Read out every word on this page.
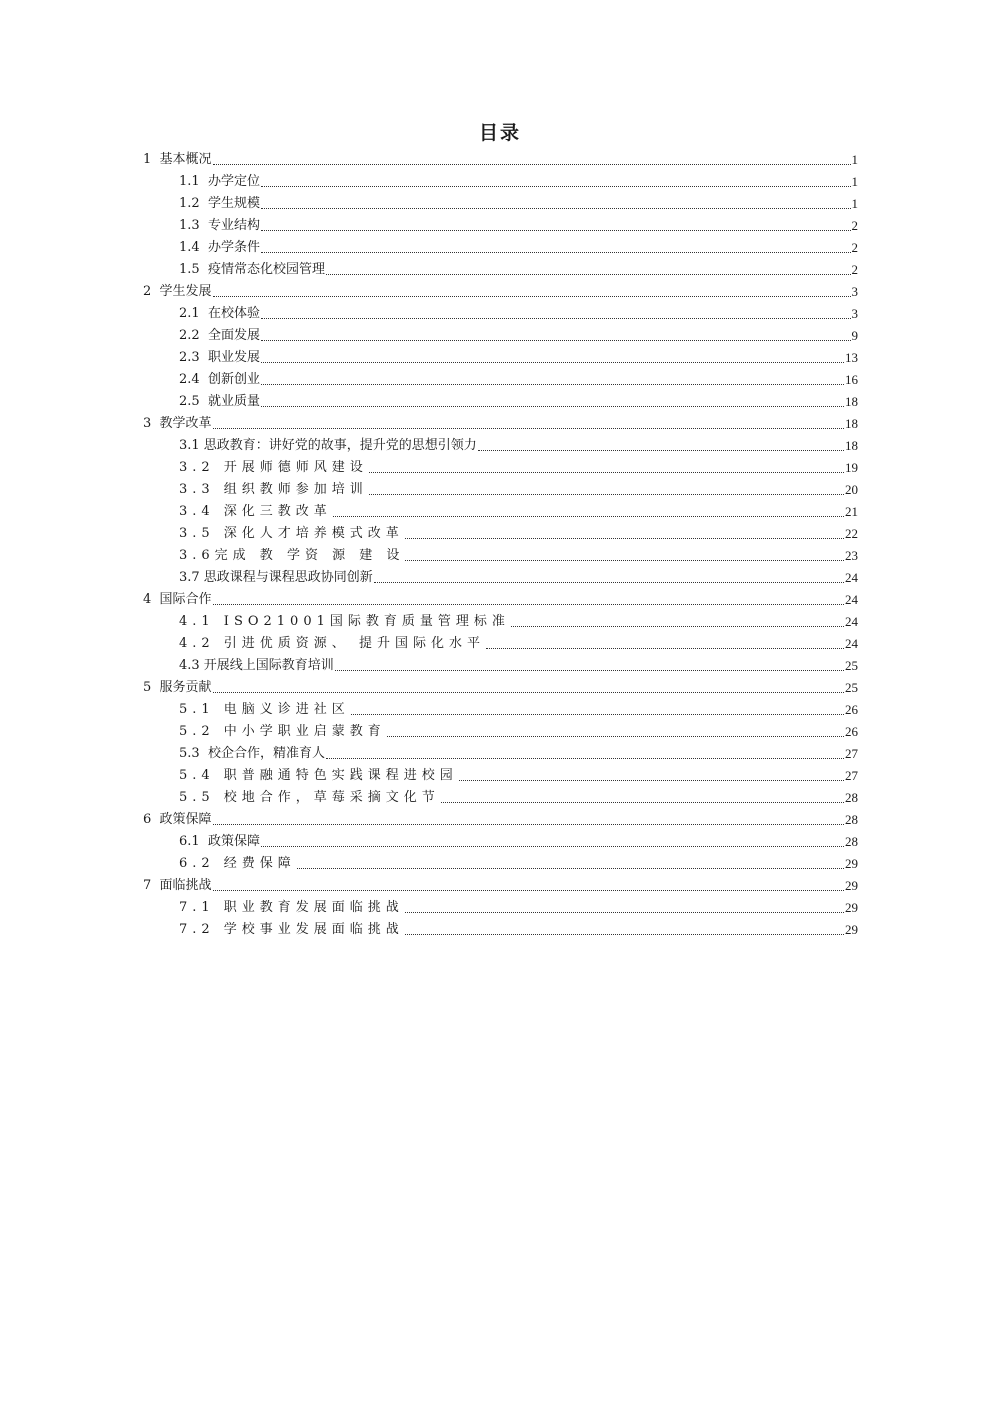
目录
1  基本概况	1
1.1  办学定位	1
1.2  学生规模	1
1.3  专业结构	2
1.4  办学条件	2
1.5  疫情常态化校园管理	2
2  学生发展	3
2.1  在校体验	3
2.2  全面发展	9
2.3  职业发展	13
2.4  创新创业	16
2.5  就业质量	18
3  教学改革	18
3.1 思政教育：讲好党的故事，提升党的思想引领力	18
3.2 开展师德师风建设	19
3.3 组织教师参加培训	20
3.4 深化三教改革	21
3.5 深化人才培养模式改革	22
3.6完成 教 学资 源 建 设	23
3.7 思政课程与课程思政协同创新	24
4  国际合作	24
4.1 ISO21001国际教育质量管理标准	24
4.2 引进优质资源、 提升国际化水平	24
4.3 开展线上国际教育培训	25
5  服务贡献	25
5.1 电脑义诊进社区	26
5.2 中小学职业启蒙教育	26
5.3  校企合作，精准育人	27
5.4 职普融通特色实践课程进校园	27
5.5 校地合作，草莓采摘文化节	28
6  政策保障	28
6.1  政策保障	28
6.2 经费保障	29
7  面临挑战	29
7.1 职业教育发展面临挑战	29
7.2 学校事业发展面临挑战	29
